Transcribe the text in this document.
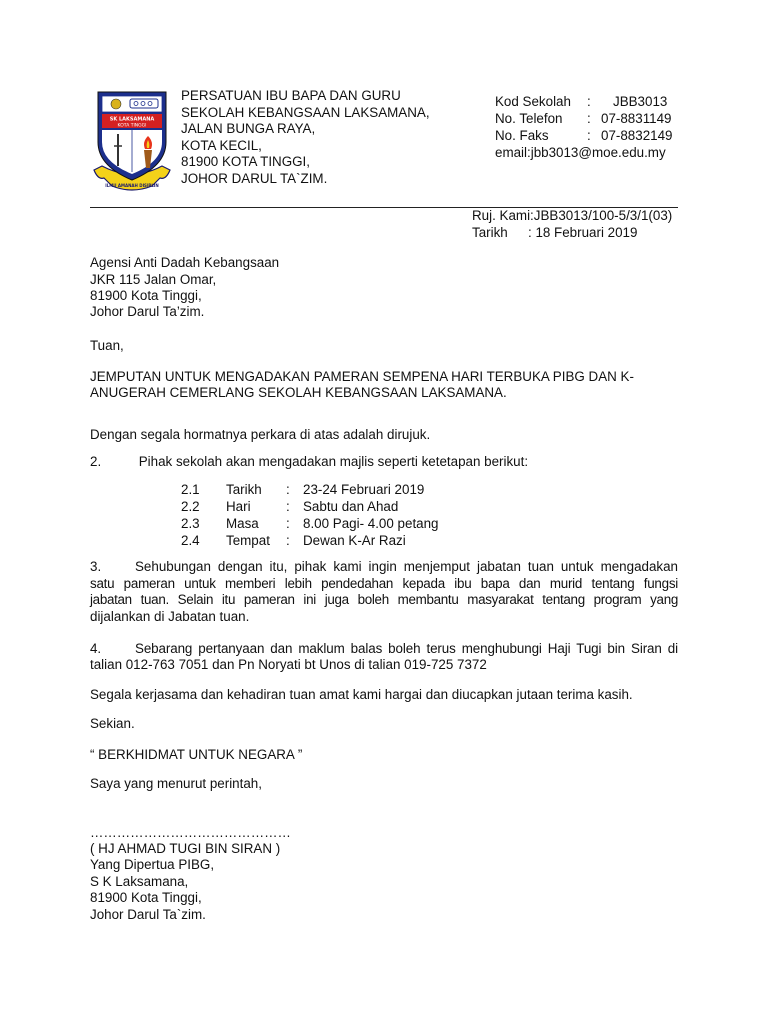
SK LAKSAMANA
KOTA TINGGI
ILMU AMANAH DISIPLIN
PERSATUAN IBU BAPA DAN GURU
SEKOLAH KEBANGSAAN LAKSAMANA,
JALAN BUNGA RAYA,
KOTA KECIL,
81900 KOTA TINGGI,
JOHOR DARUL TA`ZIM.
Kod Sekolah	:	JBB3013
No. Telefon	: 07-8831149
No. Faks	: 07-8832149
email:jbb3013@moe.edu.my
Ruj. Kami:JBB3013/100-5/3/1(03)
Tarikh	: 18 Februari 2019
Agensi Anti Dadah Kebangsaan
JKR 115 Jalan Omar,
81900 Kota Tinggi,
Johor Darul Ta’zim.
Tuan,
JEMPUTAN UNTUK MENGADAKAN PAMERAN SEMPENA HARI TERBUKA PIBG DAN K-
ANUGERAH CEMERLANG SEKOLAH KEBANGSAAN LAKSAMANA.
Dengan segala hormatnya perkara di atas adalah dirujuk.
2.	Pihak sekolah akan mengadakan majlis seperti ketetapan berikut:
2.1	Tarikh	: 23-24 Februari 2019
2.2	Hari	: Sabtu dan Ahad
2.3	Masa	: 8.00 Pagi- 4.00 petang
2.4	Tempat	: Dewan K-Ar Razi
3.	Sehubungan dengan itu, pihak kami ingin menjemput jabatan tuan untuk mengadakan
satu pameran untuk memberi lebih pendedahan kepada ibu bapa dan murid tentang fungsi
jabatan tuan. Selain itu pameran ini juga boleh membantu masyarakat tentang program yang
dijalankan di Jabatan tuan.
4.	Sebarang pertanyaan dan maklum balas boleh terus menghubungi Haji Tugi bin Siran di
talian 012-763 7051 dan Pn Noryati bt Unos di talian 019-725 7372
Segala kerjasama dan kehadiran tuan amat kami hargai dan diucapkan jutaan terima kasih.
Sekian.
“ BERKHIDMAT UNTUK NEGARA ”
Saya yang menurut perintah,
………………………………………
( HJ AHMAD TUGI BIN SIRAN )
Yang Dipertua PIBG,
S K Laksamana,
81900 Kota Tinggi,
Johor Darul Ta`zim.
